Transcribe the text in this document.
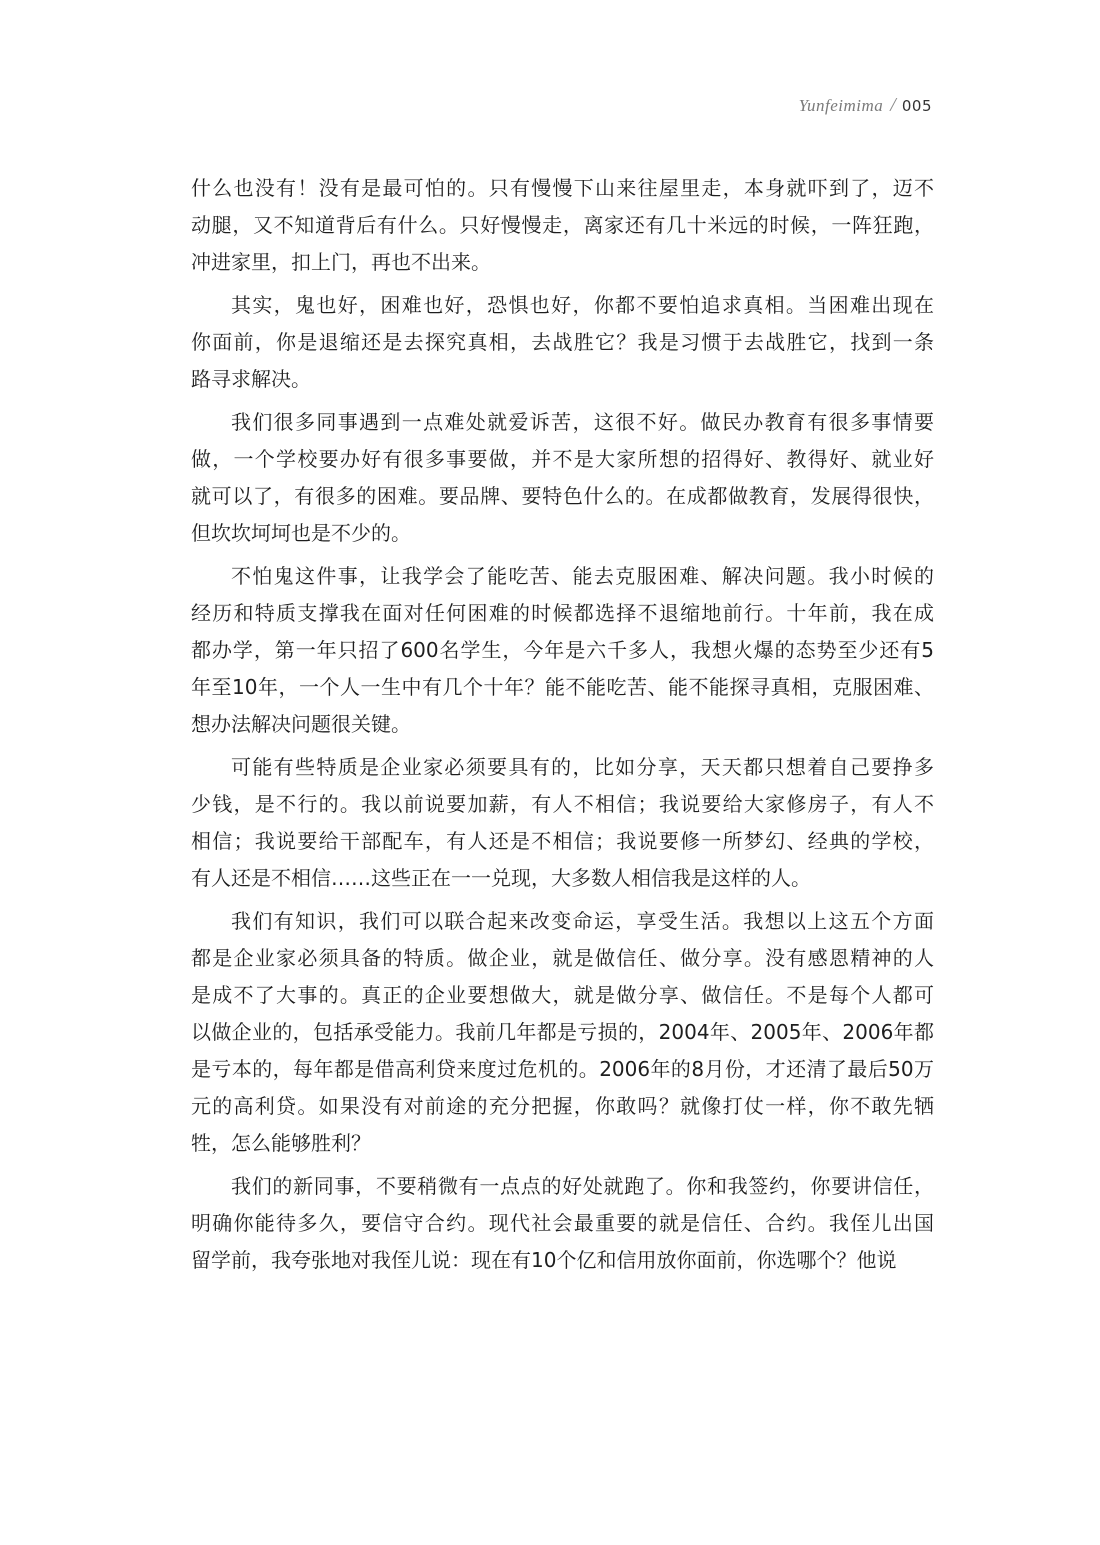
Yunfeimima / 005
什么也没有！没有是最可怕的。只有慢慢下山来往屋里走，本身就吓到了，迈不
动腿，又不知道背后有什么。只好慢慢走，离家还有几十米远的时候，一阵狂跑，
冲进家里，扣上门，再也不出来。
其实，鬼也好，困难也好，恐惧也好，你都不要怕追求真相。当困难出现在
你面前，你是退缩还是去探究真相，去战胜它？我是习惯于去战胜它，找到一条
路寻求解决。
我们很多同事遇到一点难处就爱诉苦，这很不好。做民办教育有很多事情要
做，一个学校要办好有很多事要做，并不是大家所想的招得好、教得好、就业好
就可以了，有很多的困难。要品牌、要特色什么的。在成都做教育，发展得很快，
但坎坎坷坷也是不少的。
不怕鬼这件事，让我学会了能吃苦、能去克服困难、解决问题。我小时候的
经历和特质支撑我在面对任何困难的时候都选择不退缩地前行。十年前，我在成
都办学，第一年只招了600名学生，今年是六千多人，我想火爆的态势至少还有5
年至10年，一个人一生中有几个十年？能不能吃苦、能不能探寻真相，克服困难、
想办法解决问题很关键。
可能有些特质是企业家必须要具有的，比如分享，天天都只想着自己要挣多
少钱，是不行的。我以前说要加薪，有人不相信；我说要给大家修房子，有人不
相信；我说要给干部配车，有人还是不相信；我说要修一所梦幻、经典的学校，
有人还是不相信……这些正在一一兑现，大多数人相信我是这样的人。
我们有知识，我们可以联合起来改变命运，享受生活。我想以上这五个方面
都是企业家必须具备的特质。做企业，就是做信任、做分享。没有感恩精神的人
是成不了大事的。真正的企业要想做大，就是做分享、做信任。不是每个人都可
以做企业的，包括承受能力。我前几年都是亏损的，2004年、2005年、2006年都
是亏本的，每年都是借高利贷来度过危机的。2006年的8月份，才还清了最后50万
元的高利贷。如果没有对前途的充分把握，你敢吗？就像打仗一样，你不敢先牺
牲，怎么能够胜利？
我们的新同事，不要稍微有一点点的好处就跑了。你和我签约，你要讲信任，
明确你能待多久，要信守合约。现代社会最重要的就是信任、合约。我侄儿出国
留学前，我夸张地对我侄儿说：现在有10个亿和信用放你面前，你选哪个？他说
